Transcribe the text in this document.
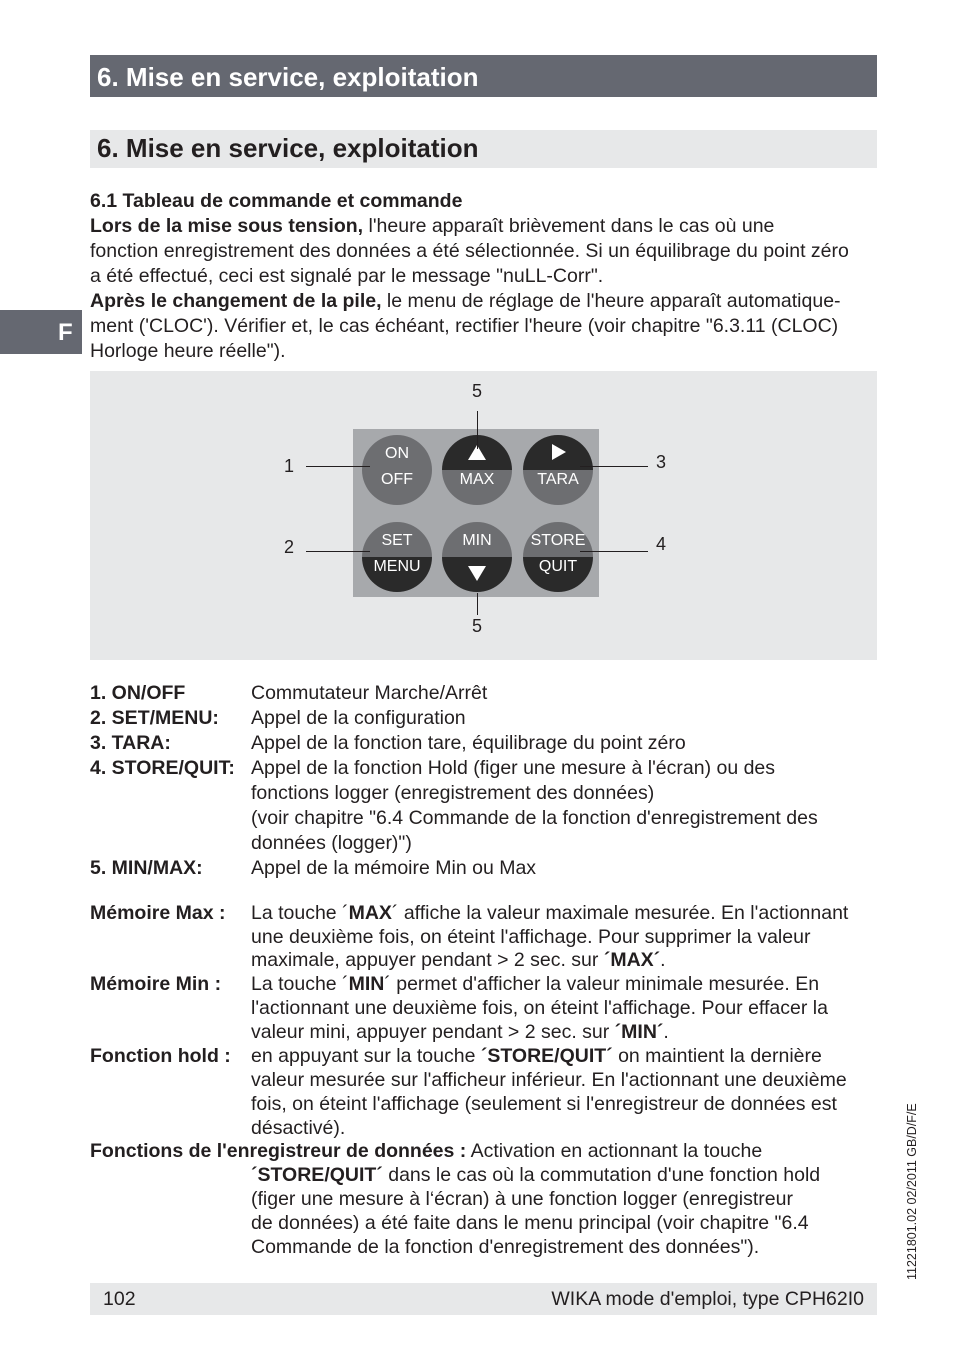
6. Mise en service, exploitation
6. Mise en service, exploitation
F
6.1 Tableau de commande et commande
Lors de la mise sous tension, l'heure apparaît brièvement dans le cas où une
fonction enregistrement des données a été sélectionnée. Si un équilibrage du point zéro
a été effectué, ceci est signalé par le message "nuLL-Corr".
Après le changement de la pile, le menu de réglage de l'heure apparaît automatique-
ment ('CLOC'). Vérifier et, le cas échéant, rectifier l'heure (voir chapitre "6.3.11 (CLOC)
Horloge heure réelle").
ON
OFF	MAX	TARA
SET
MENU
MIN	STORE
QUIT
1
2
3
4
5
5
1. ON/OFF	Commutateur Marche/Arrêt
2. SET/MENU: Appel de la configuration
3. TARA:	Appel de la fonction tare, équilibrage du point zéro
4. STORE/QUIT: Appel de la fonction Hold (figer une mesure à l'écran) ou des
fonctions logger (enregistrement des données)
(voir chapitre "6.4 Commande de la fonction d'enregistrement des
données (logger)")
5. MIN/MAX: Appel de la mémoire Min ou Max
Mémoire Max : La touche ´MAX´ affiche la valeur maximale mesurée. En l'actionnant
une deuxième fois, on éteint l'affichage. Pour supprimer la valeur
maximale, appuyer pendant > 2 sec. sur ´MAX´.
Mémoire Min : La touche ´MIN´ permet d'afficher la valeur minimale mesurée. En
l'actionnant une deuxième fois, on éteint l'affichage. Pour effacer la
valeur mini, appuyer pendant > 2 sec. sur ´MIN´.
Fonction hold : en appuyant sur la touche ´STORE/QUIT´ on maintient la dernière
valeur mesurée sur l'afficheur inférieur. En l'actionnant une deuxième
fois, on éteint l'affichage (seulement si l'enregistreur de données est
désactivé).
Fonctions de l'enregistreur de données : Activation en actionnant la touche
´STORE/QUIT´ dans le cas où la commutation d'une fonction hold
(figer une mesure à l‘écran) à une fonction logger (enregistreur
de données) a été faite dans le menu principal (voir chapitre "6.4
Commande de la fonction d'enregistrement des données").
102	WIKA mode d'emploi, type CPH62I0
11221801.02 02/2011 GB/D/F/E
